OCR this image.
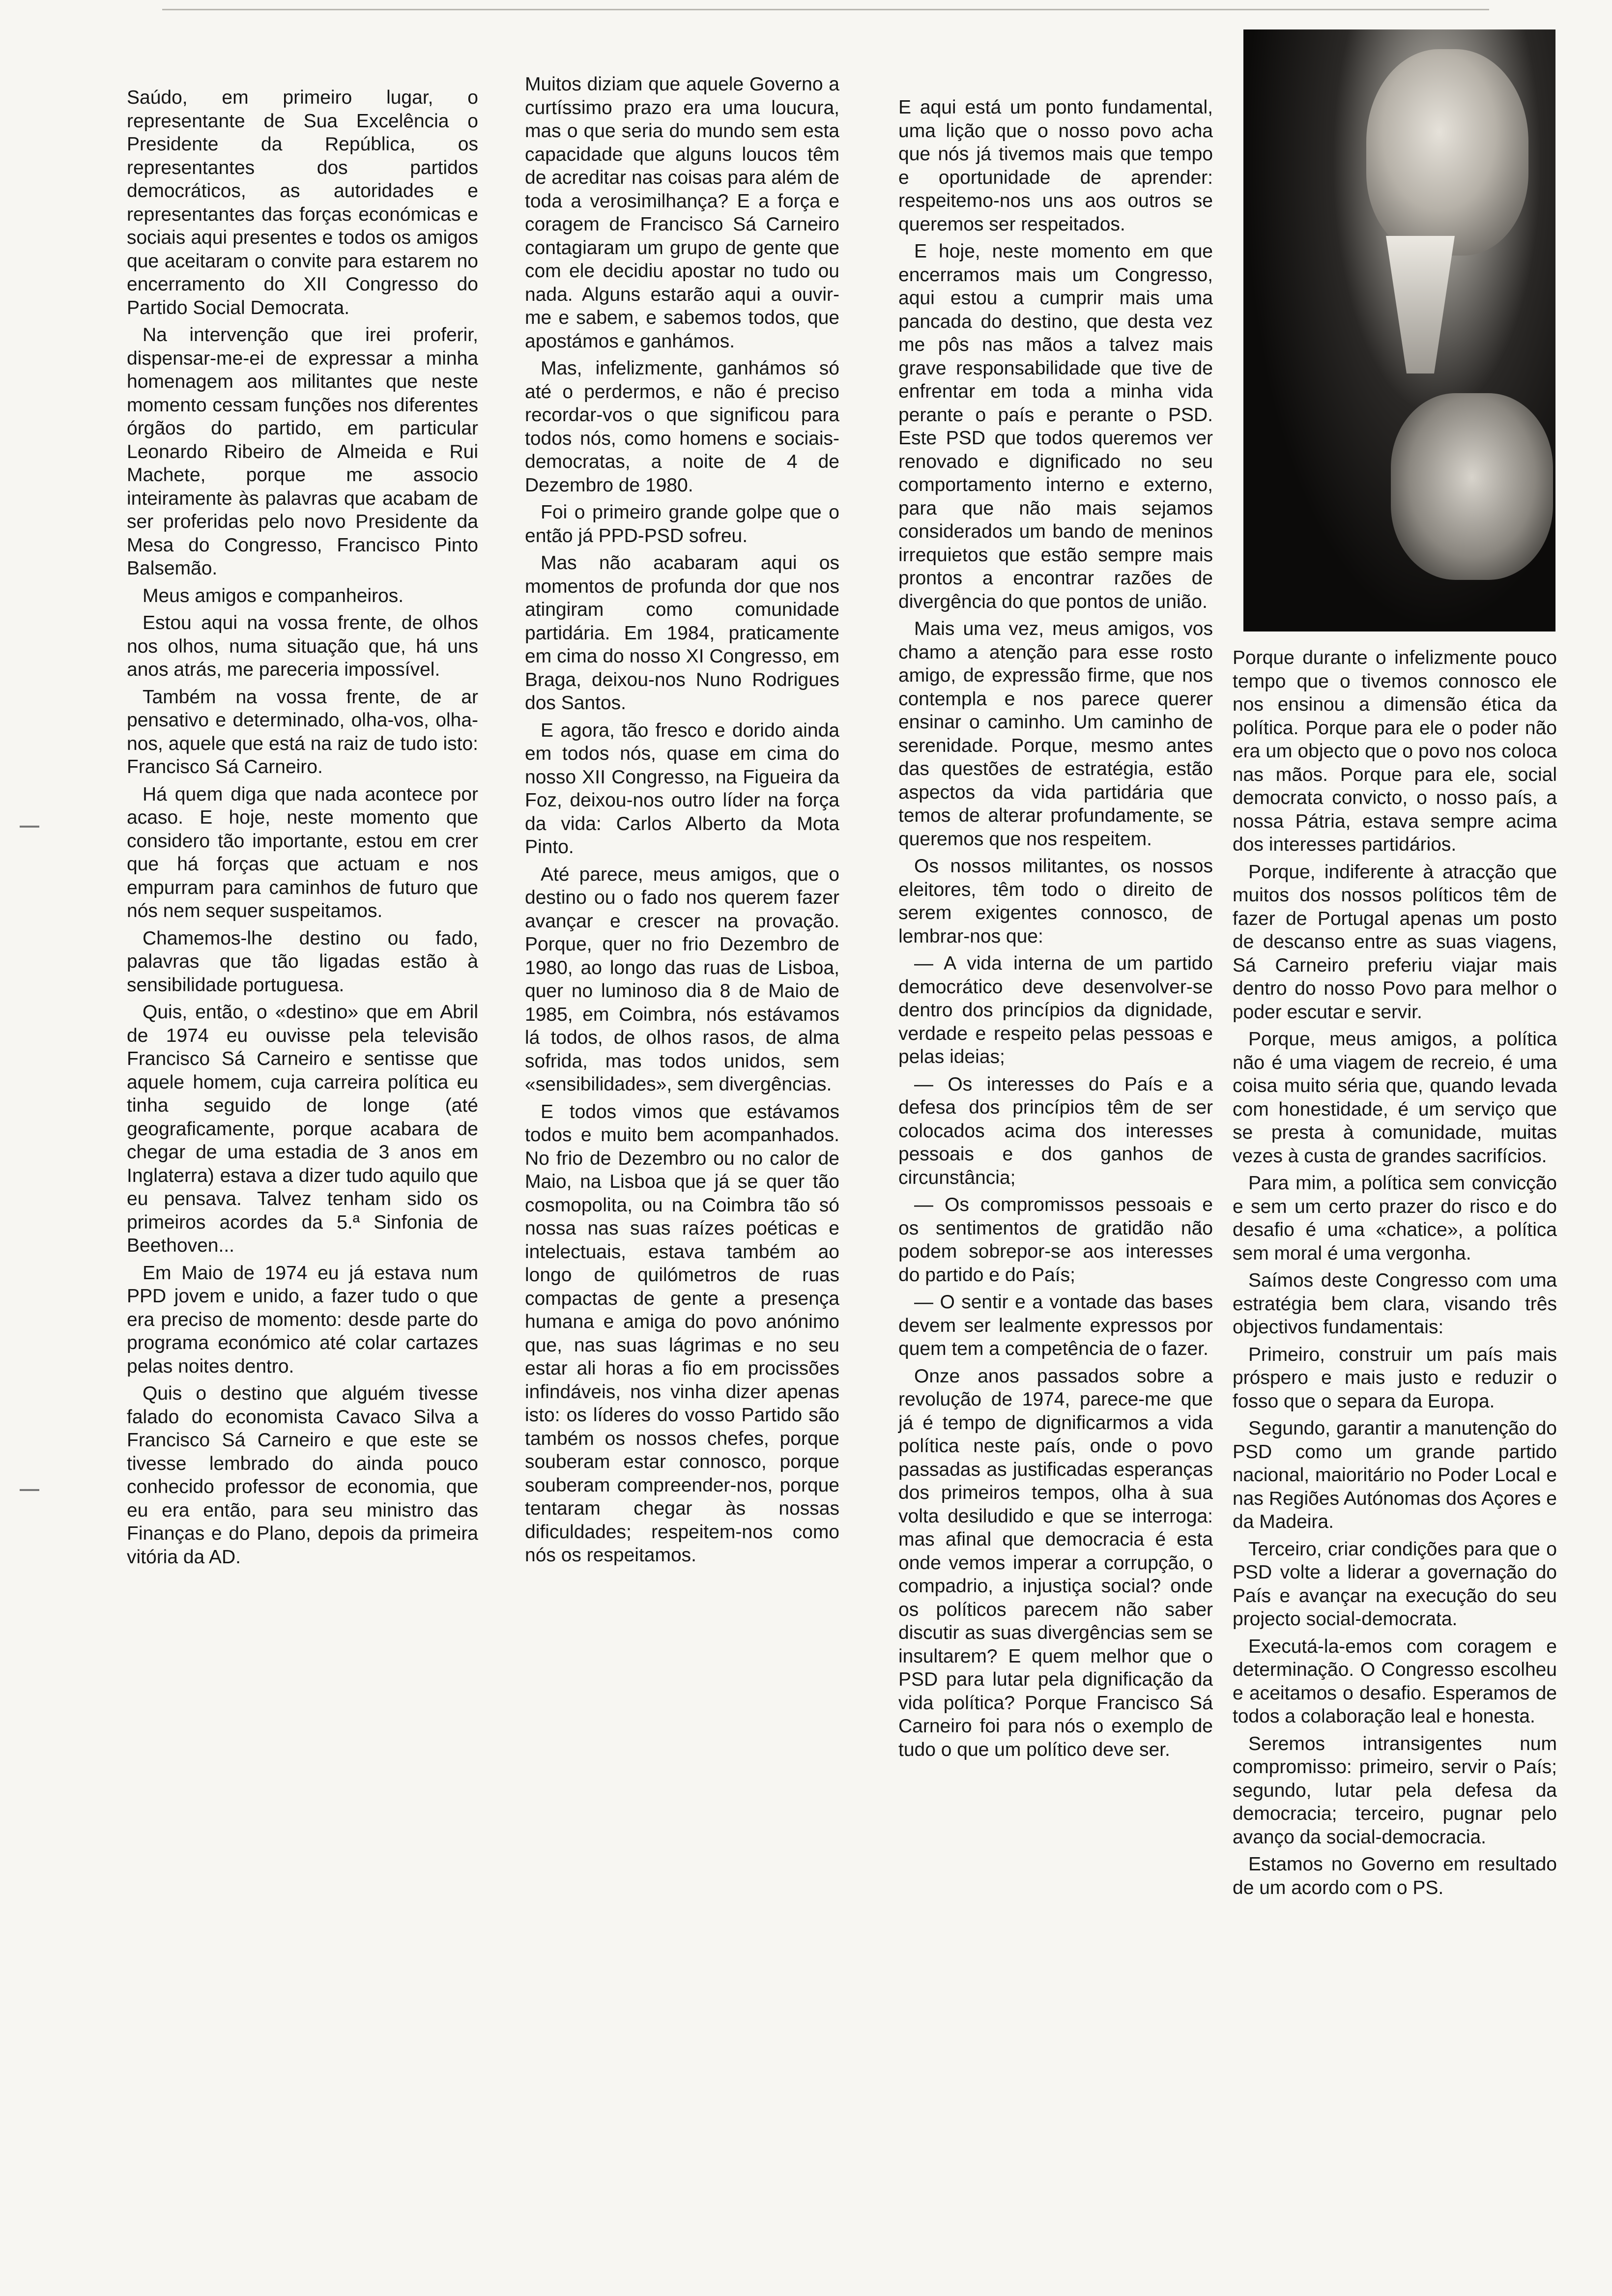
Saúdo, em primeiro lugar, o representante de Sua Excelência o Presidente da República, os representantes dos partidos democráticos, as autoridades e representantes das forças económicas e sociais aqui presentes e todos os amigos que aceitaram o convite para estarem no encerramento do XII Congresso do Partido Social Democrata.

Na intervenção que irei proferir, dispensar-me-ei de expressar a minha homenagem aos militantes que neste momento cessam funções nos diferentes órgãos do partido, em particular Leonardo Ribeiro de Almeida e Rui Machete, porque me associo inteiramente às palavras que acabam de ser proferidas pelo novo Presidente da Mesa do Congresso, Francisco Pinto Balsemão.

Meus amigos e companheiros.

Estou aqui na vossa frente, de olhos nos olhos, numa situação que, há uns anos atrás, me pareceria impossível.

Também na vossa frente, de ar pensativo e determinado, olha-vos, olha-nos, aquele que está na raiz de tudo isto: Francisco Sá Carneiro.

Há quem diga que nada acontece por acaso. E hoje, neste momento que considero tão importante, estou em crer que há forças que actuam e nos empurram para caminhos de futuro que nós nem sequer suspeitamos.

Chamemos-lhe destino ou fado, palavras que tão ligadas estão à sensibilidade portuguesa.

Quis, então, o «destino» que em Abril de 1974 eu ouvisse pela televisão Francisco Sá Carneiro e sentisse que aquele homem, cuja carreira política eu tinha seguido de longe (até geograficamente, porque acabara de chegar de uma estadia de 3 anos em Inglaterra) estava a dizer tudo aquilo que eu pensava. Talvez tenham sido os primeiros acordes da 5.ª Sinfonia de Beethoven...

Em Maio de 1974 eu já estava num PPD jovem e unido, a fazer tudo o que era preciso de momento: desde parte do programa económico até colar cartazes pelas noites dentro.

Quis o destino que alguém tivesse falado do economista Cavaco Silva a Francisco Sá Carneiro e que este se tivesse lembrado do ainda pouco conhecido professor de economia, que eu era então, para seu ministro das Finanças e do Plano, depois da primeira vitória da AD.

Muitos diziam que aquele Governo a curtíssimo prazo era uma loucura, mas o que seria do mundo sem esta capacidade que alguns loucos têm de acreditar nas coisas para além de toda a verosimilhança? E a força e coragem de Francisco Sá Carneiro contagiaram um grupo de gente que com ele decidiu apostar no tudo ou nada. Alguns estarão aqui a ouvir-me e sabem, e sabemos todos, que apostámos e ganhámos.

Mas, infelizmente, ganhámos só até o perdermos, e não é preciso recordar-vos o que significou para todos nós, como homens e sociais-democratas, a noite de 4 de Dezembro de 1980.

Foi o primeiro grande golpe que o então já PPD-PSD sofreu.

Mas não acabaram aqui os momentos de profunda dor que nos atingiram como comunidade partidária. Em 1984, praticamente em cima do nosso XI Congresso, em Braga, deixou-nos Nuno Rodrigues dos Santos.

E agora, tão fresco e dorido ainda em todos nós, quase em cima do nosso XII Congresso, na Figueira da Foz, deixou-nos outro líder na força da vida: Carlos Alberto da Mota Pinto.

Até parece, meus amigos, que o destino ou o fado nos querem fazer avançar e crescer na provação. Porque, quer no frio Dezembro de 1980, ao longo das ruas de Lisboa, quer no luminoso dia 8 de Maio de 1985, em Coimbra, nós estávamos lá todos, de olhos rasos, de alma sofrida, mas todos unidos, sem «sensibilidades», sem divergências.

E todos vimos que estávamos todos e muito bem acompanhados. No frio de Dezembro ou no calor de Maio, na Lisboa que já se quer tão cosmopolita, ou na Coimbra tão só nossa nas suas raízes poéticas e intelectuais, estava também ao longo de quilómetros de ruas compactas de gente a presença humana e amiga do povo anónimo que, nas suas lágrimas e no seu estar ali horas a fio em procissões infindáveis, nos vinha dizer apenas isto: os líderes do vosso Partido são também os nossos chefes, porque souberam estar connosco, porque souberam compreender-nos, porque tentaram chegar às nossas dificuldades; respeitem-nos como nós os respeitamos.

E aqui está um ponto fundamental, uma lição que o nosso povo acha que nós já tivemos mais que tempo e oportunidade de aprender: respeitemo-nos uns aos outros se queremos ser respeitados.

E hoje, neste momento em que encerramos mais um Congresso, aqui estou a cumprir mais uma pancada do destino, que desta vez me pôs nas mãos a talvez mais grave responsabilidade que tive de enfrentar em toda a minha vida perante o país e perante o PSD. Este PSD que todos queremos ver renovado e dignificado no seu comportamento interno e externo, para que não mais sejamos considerados um bando de meninos irrequietos que estão sempre mais prontos a encontrar razões de divergência do que pontos de união.

Mais uma vez, meus amigos, vos chamo a atenção para esse rosto amigo, de expressão firme, que nos contempla e nos parece querer ensinar o caminho. Um caminho de serenidade. Porque, mesmo antes das questões de estratégia, estão aspectos da vida partidária que temos de alterar profundamente, se queremos que nos respeitem.

Os nossos militantes, os nossos eleitores, têm todo o direito de serem exigentes connosco, de lembrar-nos que:

— A vida interna de um partido democrático deve desenvolver-se dentro dos princípios da dignidade, verdade e respeito pelas pessoas e pelas ideias;

— Os interesses do País e a defesa dos princípios têm de ser colocados acima dos interesses pessoais e dos ganhos de circunstância;

— Os compromissos pessoais e os sentimentos de gratidão não podem sobrepor-se aos interesses do partido e do País;

— O sentir e a vontade das bases devem ser lealmente expressos por quem tem a competência de o fazer.

Onze anos passados sobre a revolução de 1974, parece-me que já é tempo de dignificarmos a vida política neste país, onde o povo passadas as justificadas esperanças dos primeiros tempos, olha à sua volta desiludido e que se interroga: mas afinal que democracia é esta onde vemos imperar a corrupção, o compadrio, a injustiça social? onde os políticos parecem não saber discutir as suas divergências sem se insultarem? E quem melhor que o PSD para lutar pela dignificação da vida política? Porque Francisco Sá Carneiro foi para nós o exemplo de tudo o que um político deve ser.

Porque durante o infelizmente pouco tempo que o tivemos connosco ele nos ensinou a dimensão ética da política. Porque para ele o poder não era um objecto que o povo nos coloca nas mãos. Porque para ele, social democrata convicto, o nosso país, a nossa Pátria, estava sempre acima dos interesses partidários.

Porque, indiferente à atracção que muitos dos nossos políticos têm de fazer de Portugal apenas um posto de descanso entre as suas viagens, Sá Carneiro preferiu viajar mais dentro do nosso Povo para melhor o poder escutar e servir.

Porque, meus amigos, a política não é uma viagem de recreio, é uma coisa muito séria que, quando levada com honestidade, é um serviço que se presta à comunidade, muitas vezes à custa de grandes sacrifícios.

Para mim, a política sem convicção e sem um certo prazer do risco e do desafio é uma «chatice», a política sem moral é uma vergonha.

Saímos deste Congresso com uma estratégia bem clara, visando três objectivos fundamentais:

Primeiro, construir um país mais próspero e mais justo e reduzir o fosso que o separa da Europa.

Segundo, garantir a manutenção do PSD como um grande partido nacional, maioritário no Poder Local e nas Regiões Autónomas dos Açores e da Madeira.

Terceiro, criar condições para que o PSD volte a liderar a governação do País e avançar na execução do seu projecto social-democrata.

Executá-la-emos com coragem e determinação. O Congresso escolheu e aceitamos o desafio. Esperamos de todos a colaboração leal e honesta.

Seremos intransigentes num compromisso: primeiro, servir o País; segundo, lutar pela defesa da democracia; terceiro, pugnar pelo avanço da social-democracia.

Estamos no Governo em resultado de um acordo com o PS.
